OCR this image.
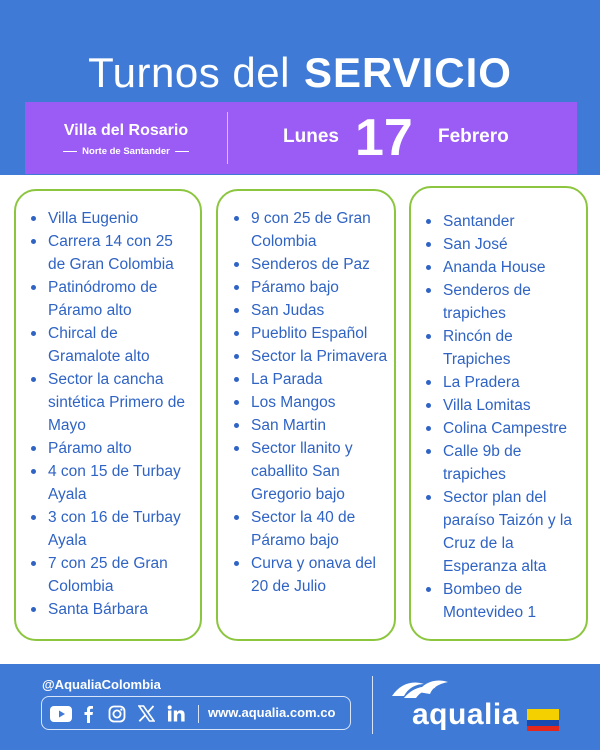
Turnos del SERVICIO
Villa del Rosario
Norte de Santander
Lunes 17 Febrero
Villa Eugenio
Carrera 14 con 25 de Gran Colombia
Patinódromo de Páramo alto
Chircal de Gramalote alto
Sector la cancha sintética Primero de Mayo
Páramo alto
4 con 15 de Turbay Ayala
3 con 16 de Turbay Ayala
7 con 25 de Gran Colombia
Santa Bárbara
9 con 25 de Gran Colombia
Senderos de Paz
Páramo bajo
San Judas
Pueblito Español
Sector la Primavera
La Parada
Los Mangos
San Martin
Sector llanito y caballito San Gregorio bajo
Sector la 40 de Páramo bajo
Curva y onava del 20 de Julio
Santander
San José
Ananda House
Senderos de trapiches
Rincón de Trapiches
La Pradera
Villa Lomitas
Colina Campestre
Calle 9b de trapiches
Sector plan del paraíso Taizón y la Cruz de la Esperanza alta
Bombeo de Montevideo 1
@AqualiaColombia
www.aqualia.com.co	aqualia
